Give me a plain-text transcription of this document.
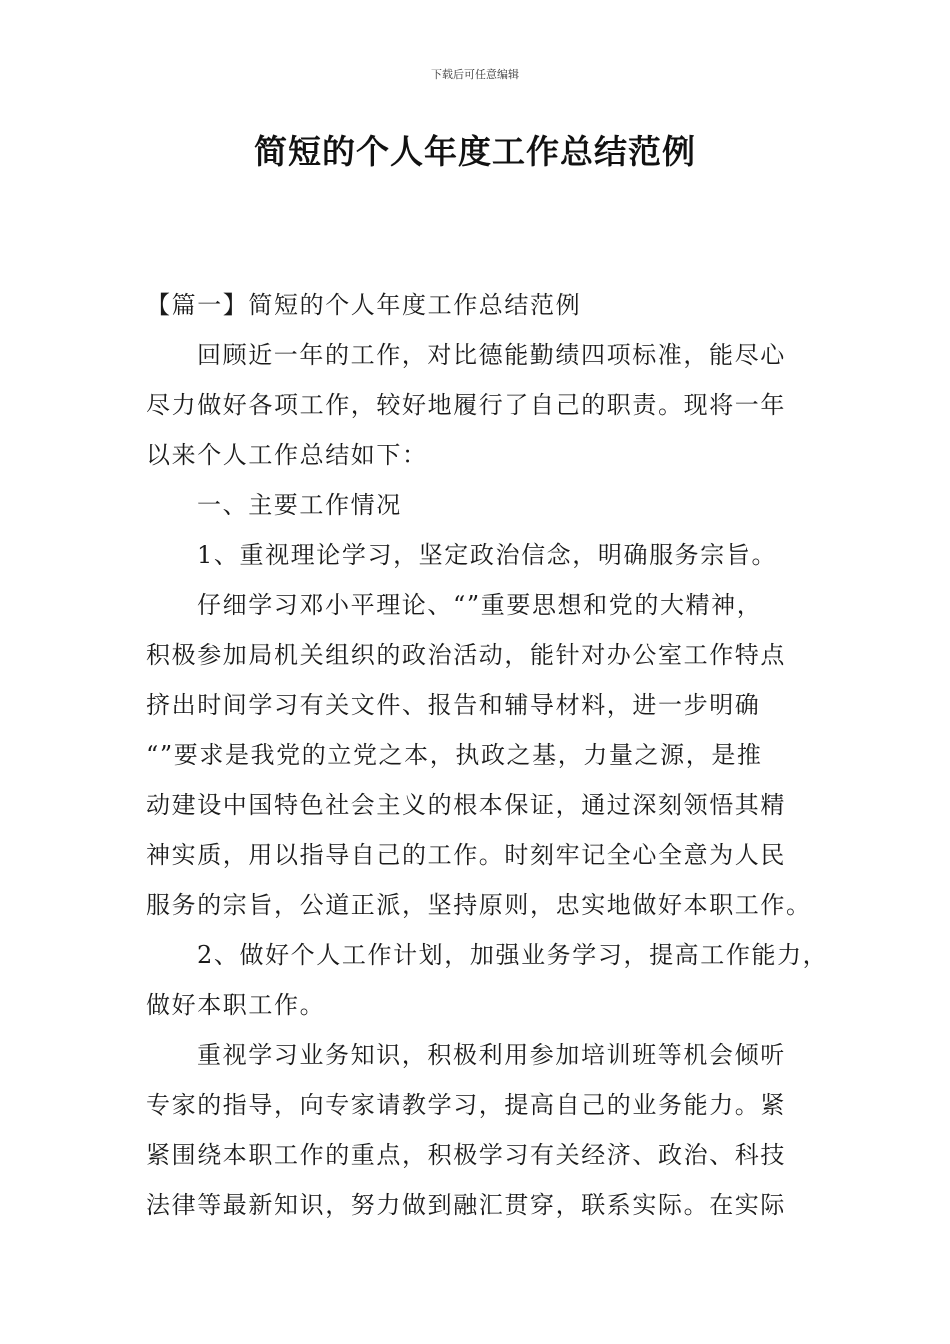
下载后可任意编辑
简短的个人年度工作总结范例
【篇一】简短的个人年度工作总结范例
回顾近一年的工作，对比德能勤绩四项标准，能尽心
尽力做好各项工作，较好地履行了自己的职责。现将一年
以来个人工作总结如下：
一、主要工作情况
1、重视理论学习，坚定政治信念，明确服务宗旨。
仔细学习邓小平理论、“”重要思想和党的大精神，
积极参加局机关组织的政治活动，能针对办公室工作特点
挤出时间学习有关文件、报告和辅导材料，进一步明确
“”要求是我党的立党之本，执政之基，力量之源，是推
动建设中国特色社会主义的根本保证，通过深刻领悟其精
神实质，用以指导自己的工作。时刻牢记全心全意为人民
服务的宗旨，公道正派，坚持原则，忠实地做好本职工作。
2、做好个人工作计划，加强业务学习，提高工作能力，
做好本职工作。
重视学习业务知识，积极利用参加培训班等机会倾听
专家的指导，向专家请教学习，提高自己的业务能力。紧
紧围绕本职工作的重点，积极学习有关经济、政治、科技
法律等最新知识，努力做到融汇贯穿，联系实际。在实际
